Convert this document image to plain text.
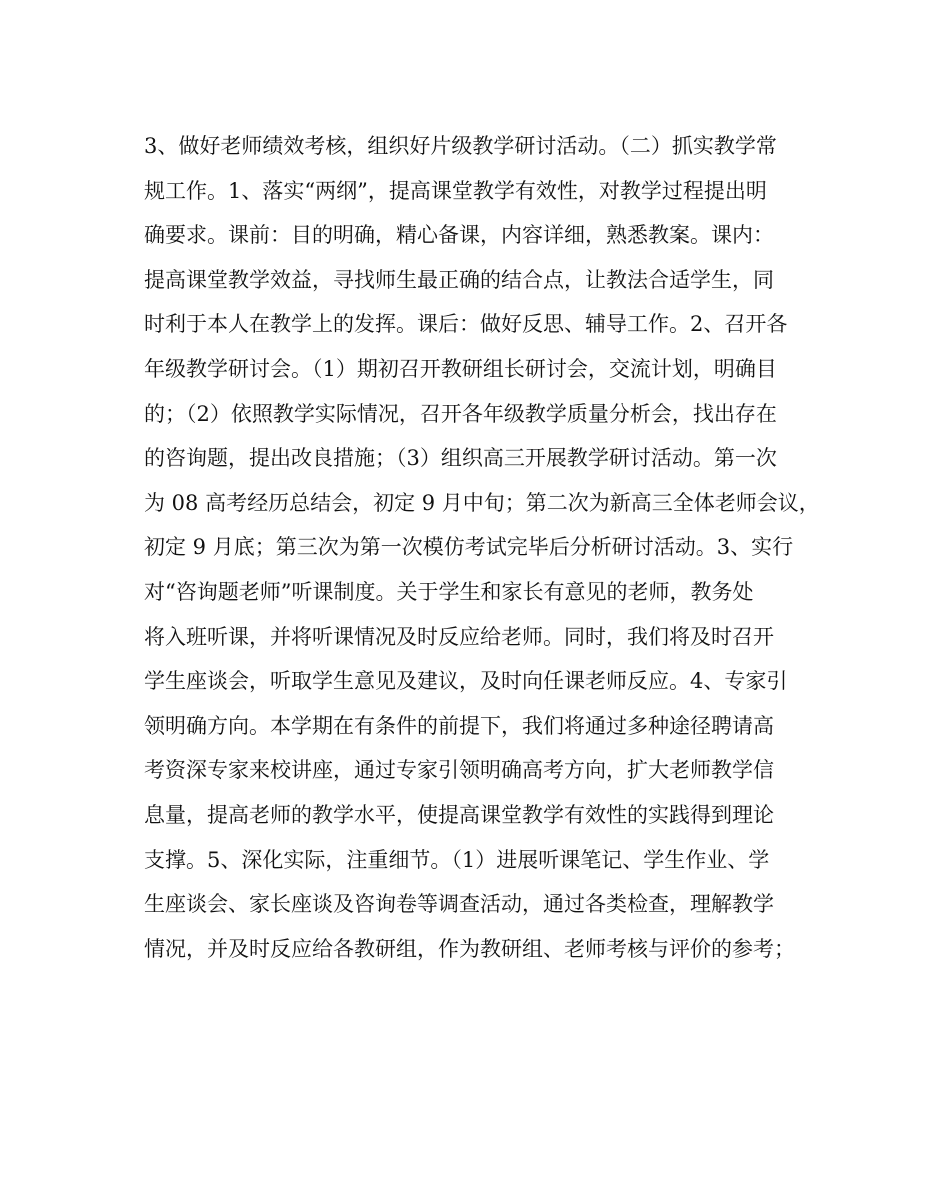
3、做好老师绩效考核，组织好片级教学研讨活动。（二）抓实教学常
规工作。1、落实“两纲”，提高课堂教学有效性，对教学过程提出明
确要求。课前：目的明确，精心备课，内容详细，熟悉教案。课内：
提高课堂教学效益，寻找师生最正确的结合点，让教法合适学生，同
时利于本人在教学上的发挥。课后：做好反思、辅导工作。2、召开各
年级教学研讨会。（1）期初召开教研组长研讨会，交流计划，明确目
的；（2）依照教学实际情况，召开各年级教学质量分析会，找出存在
的咨询题，提出改良措施；（3）组织高三开展教学研讨活动。第一次
为 08 高考经历总结会，初定 9 月中旬；第二次为新高三全体老师会议，
初定 9 月底；第三次为第一次模仿考试完毕后分析研讨活动。3、实行
对“咨询题老师”听课制度。关于学生和家长有意见的老师，教务处
将入班听课，并将听课情况及时反应给老师。同时，我们将及时召开
学生座谈会，听取学生意见及建议，及时向任课老师反应。4、专家引
领明确方向。本学期在有条件的前提下，我们将通过多种途径聘请高
考资深专家来校讲座，通过专家引领明确高考方向，扩大老师教学信
息量，提高老师的教学水平，使提高课堂教学有效性的实践得到理论
支撑。5、深化实际，注重细节。（1）进展听课笔记、学生作业、学
生座谈会、家长座谈及咨询卷等调查活动，通过各类检查，理解教学
情况，并及时反应给各教研组，作为教研组、老师考核与评价的参考；
